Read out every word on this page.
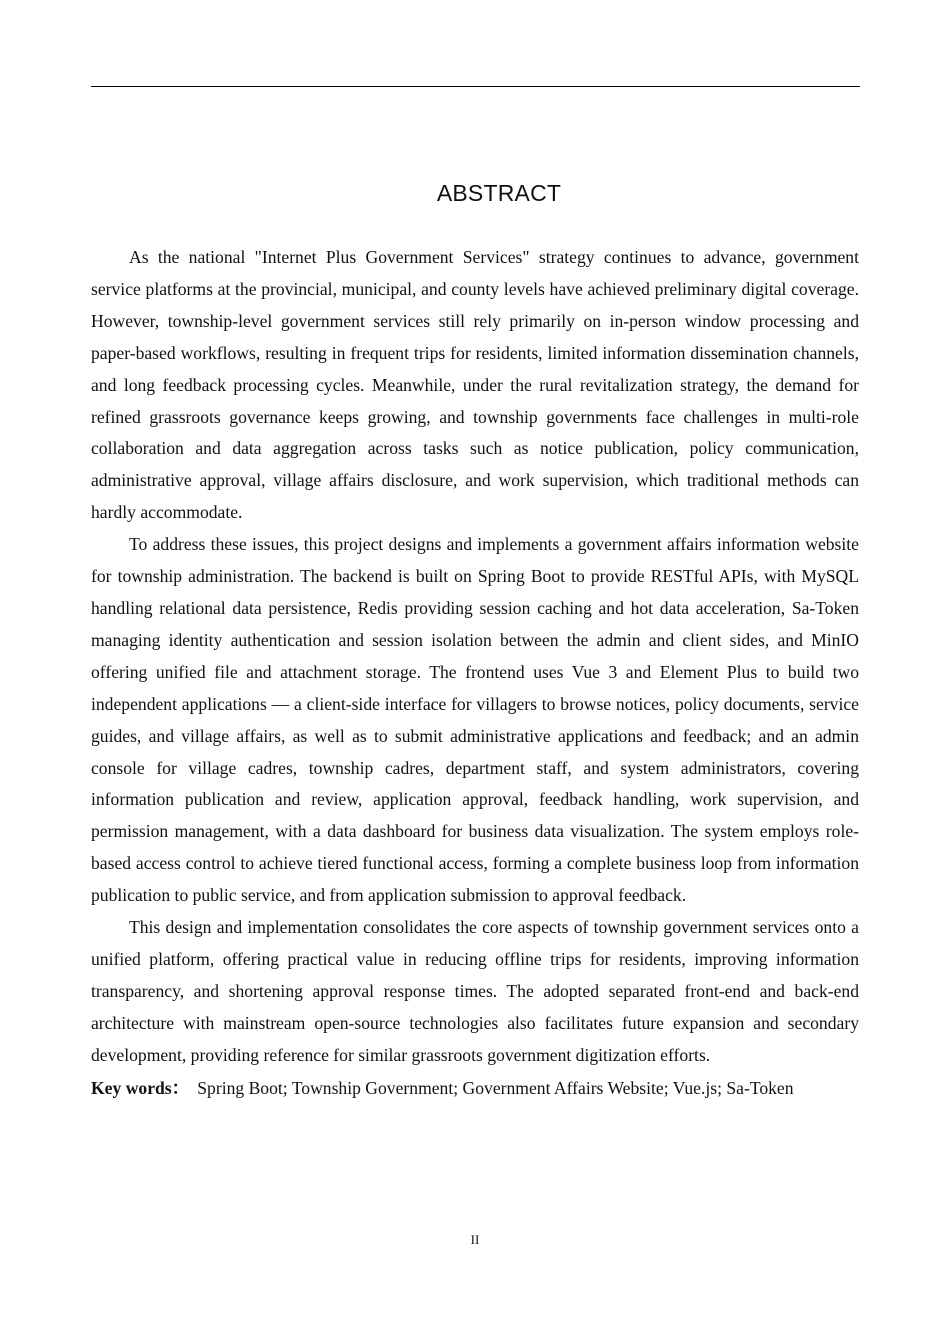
ABSTRACT

As the national "Internet Plus Government Services" strategy continues to advance, government service platforms at the provincial, municipal, and county levels have achieved preliminary digital coverage. However, township-level government services still rely primarily on in-person window processing and paper-based workflows, resulting in frequent trips for residents, limited information dissemination channels, and long feedback processing cycles. Meanwhile, under the rural revitalization strategy, the demand for refined grassroots governance keeps growing, and township governments face challenges in multi-role collaboration and data aggregation across tasks such as notice publication, policy communication, administrative approval, village affairs disclosure, and work supervision, which traditional methods can hardly accommodate.

To address these issues, this project designs and implements a government affairs information website for township administration. The backend is built on Spring Boot to provide RESTful APIs, with MySQL handling relational data persistence, Redis providing session caching and hot data acceleration, Sa-Token managing identity authentication and session isolation between the admin and client sides, and MinIO offering unified file and attachment storage. The frontend uses Vue 3 and Element Plus to build two independent applications — a client-side interface for villagers to browse notices, policy documents, service guides, and village affairs, as well as to submit administrative applications and feedback; and an admin console for village cadres, township cadres, department staff, and system administrators, covering information publication and review, application approval, feedback handling, work supervision, and permission management, with a data dashboard for business data visualization. The system employs role-based access control to achieve tiered functional access, forming a complete business loop from information publication to public service, and from application submission to approval feedback.

This design and implementation consolidates the core aspects of township government services onto a unified platform, offering practical value in reducing offline trips for residents, improving information transparency, and shortening approval response times. The adopted separated front-end and back-end architecture with mainstream open-source technologies also facilitates future expansion and secondary development, providing reference for similar grassroots government digitization efforts.

Key words： Spring Boot; Township Government; Government Affairs Website; Vue.js; Sa-Token

II
